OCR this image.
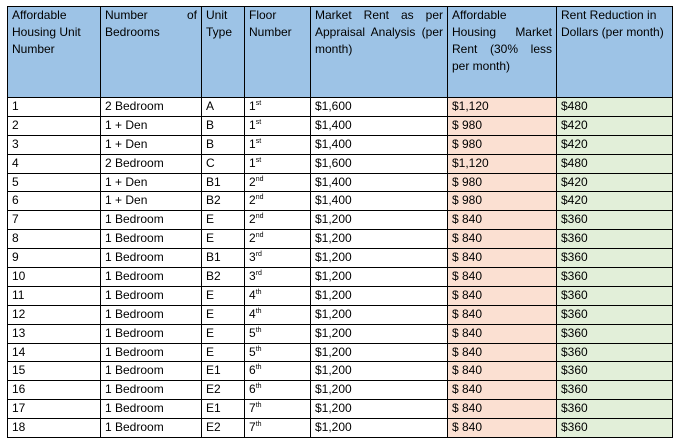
Affordable Housing Unit Number	Number of Bedrooms	Unit Type	Floor Number	Market Rent as per Appraisal Analysis (per month)	Affordable Housing Market Rent (30% less per month)	Rent Reduction in Dollars (per month)
1	2 Bedroom	A	1st	$1,600	$1,120	$480
2	1 + Den	B	1st	$1,400	$ 980	$420
3	1 + Den	B	1st	$1,400	$ 980	$420
4	2 Bedroom	C	1st	$1,600	$1,120	$480
5	1 + Den	B1	2nd	$1,400	$ 980	$420
6	1 + Den	B2	2nd	$1,400	$ 980	$420
7	1 Bedroom	E	2nd	$1,200	$ 840	$360
8	1 Bedroom	E	2nd	$1,200	$ 840	$360
9	1 Bedroom	B1	3rd	$1,200	$ 840	$360
10	1 Bedroom	B2	3rd	$1,200	$ 840	$360
11	1 Bedroom	E	4th	$1,200	$ 840	$360
12	1 Bedroom	E	4th	$1,200	$ 840	$360
13	1 Bedroom	E	5th	$1,200	$ 840	$360
14	1 Bedroom	E	5th	$1,200	$ 840	$360
15	1 Bedroom	E1	6th	$1,200	$ 840	$360
16	1 Bedroom	E2	6th	$1,200	$ 840	$360
17	1 Bedroom	E1	7th	$1,200	$ 840	$360
18	1 Bedroom	E2	7th	$1,200	$ 840	$360
